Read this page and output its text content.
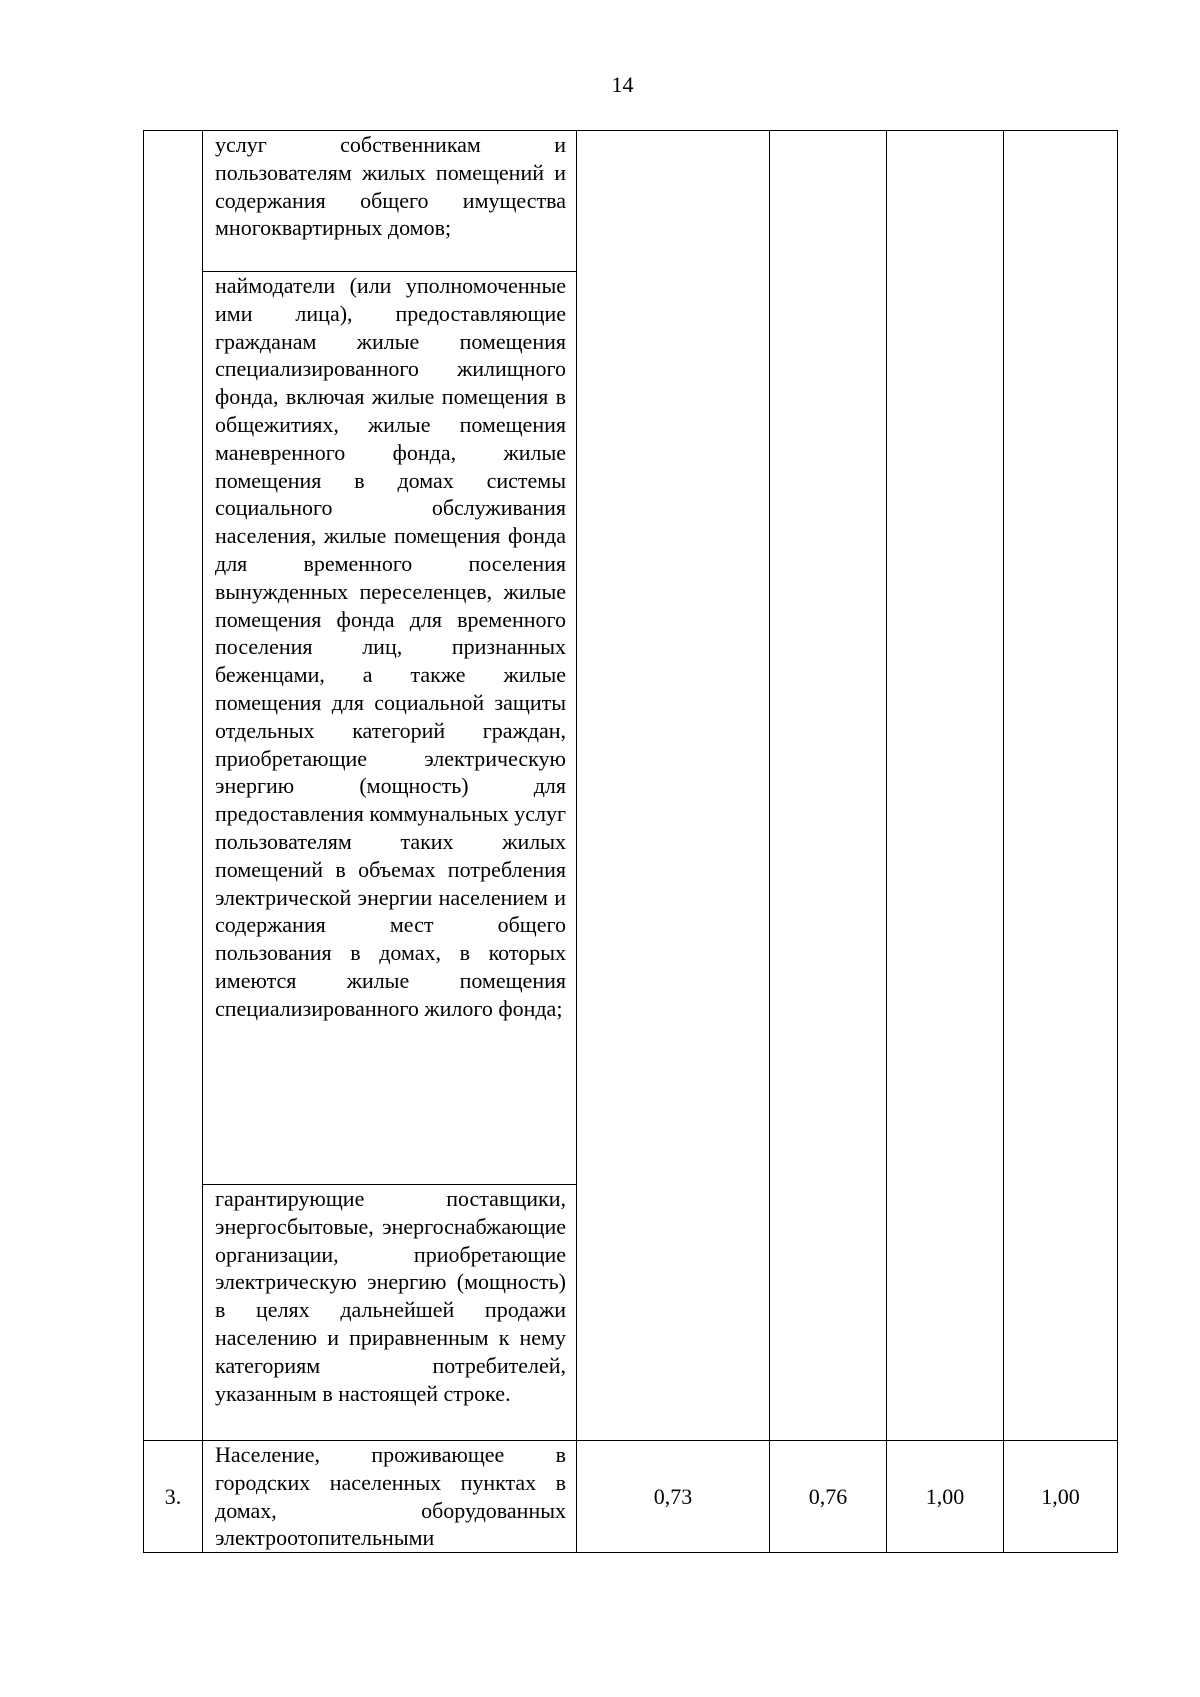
14

	услуг собственникам и пользователям жилых помещений и содержания общего имущества многоквартирных домов;				

	наймодатели (или уполномоченные ими лица), предоставляющие гражданам жилые помещения специализированного жилищного фонда, включая жилые помещения в общежитиях, жилые помещения маневренного фонда, жилые помещения в домах системы социального обслуживания населения, жилые помещения фонда для временного поселения вынужденных переселенцев, жилые помещения фонда для временного поселения лиц, признанных беженцами, а также жилые помещения для социальной защиты отдельных категорий граждан, приобретающие электрическую энергию (мощность) для предоставления коммунальных услуг пользователям таких жилых помещений в объемах потребления электрической энергии населением и содержания мест общего пользования в домах, в которых имеются жилые помещения специализированного жилого фонда;				

	гарантирующие поставщики, энергосбытовые, энергоснабжающие организации, приобретающие электрическую энергию (мощность) в целях дальнейшей продажи населению и приравненным к нему категориям потребителей, указанным в настоящей строке.				

3.	Население, проживающее в городских населенных пунктах в домах, оборудованных электроотопительными	0,73	0,76	1,00	1,00
